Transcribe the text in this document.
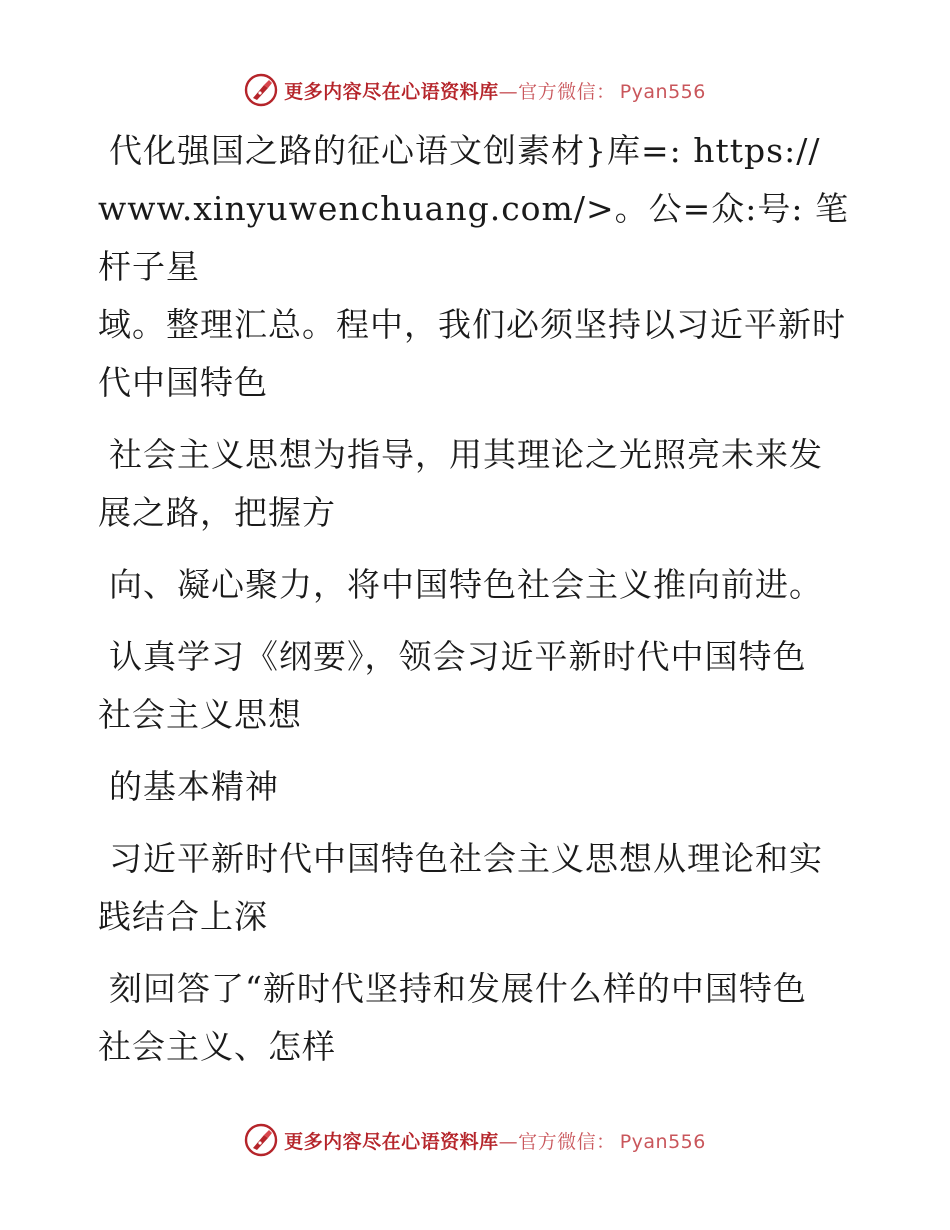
更多内容尽在心语资料库—官方微信： Pyan556
代化强国之路的征心语文创素材}库=: https://
www.xinyuwenchuang.com/>。公=众:号: 笔杆子星
域。整理汇总。程中，我们必须坚持以习近平新时
代中国特色
社会主义思想为指导，用其理论之光照亮未来发
展之路，把握方
向、凝心聚力，将中国特色社会主义推向前进。
认真学习《纲要》，领会习近平新时代中国特色
社会主义思想
的基本精神
习近平新时代中国特色社会主义思想从理论和实
践结合上深
刻回答了“新时代坚持和发展什么样的中国特色
社会主义、怎样
更多内容尽在心语资料库—官方微信： Pyan556
